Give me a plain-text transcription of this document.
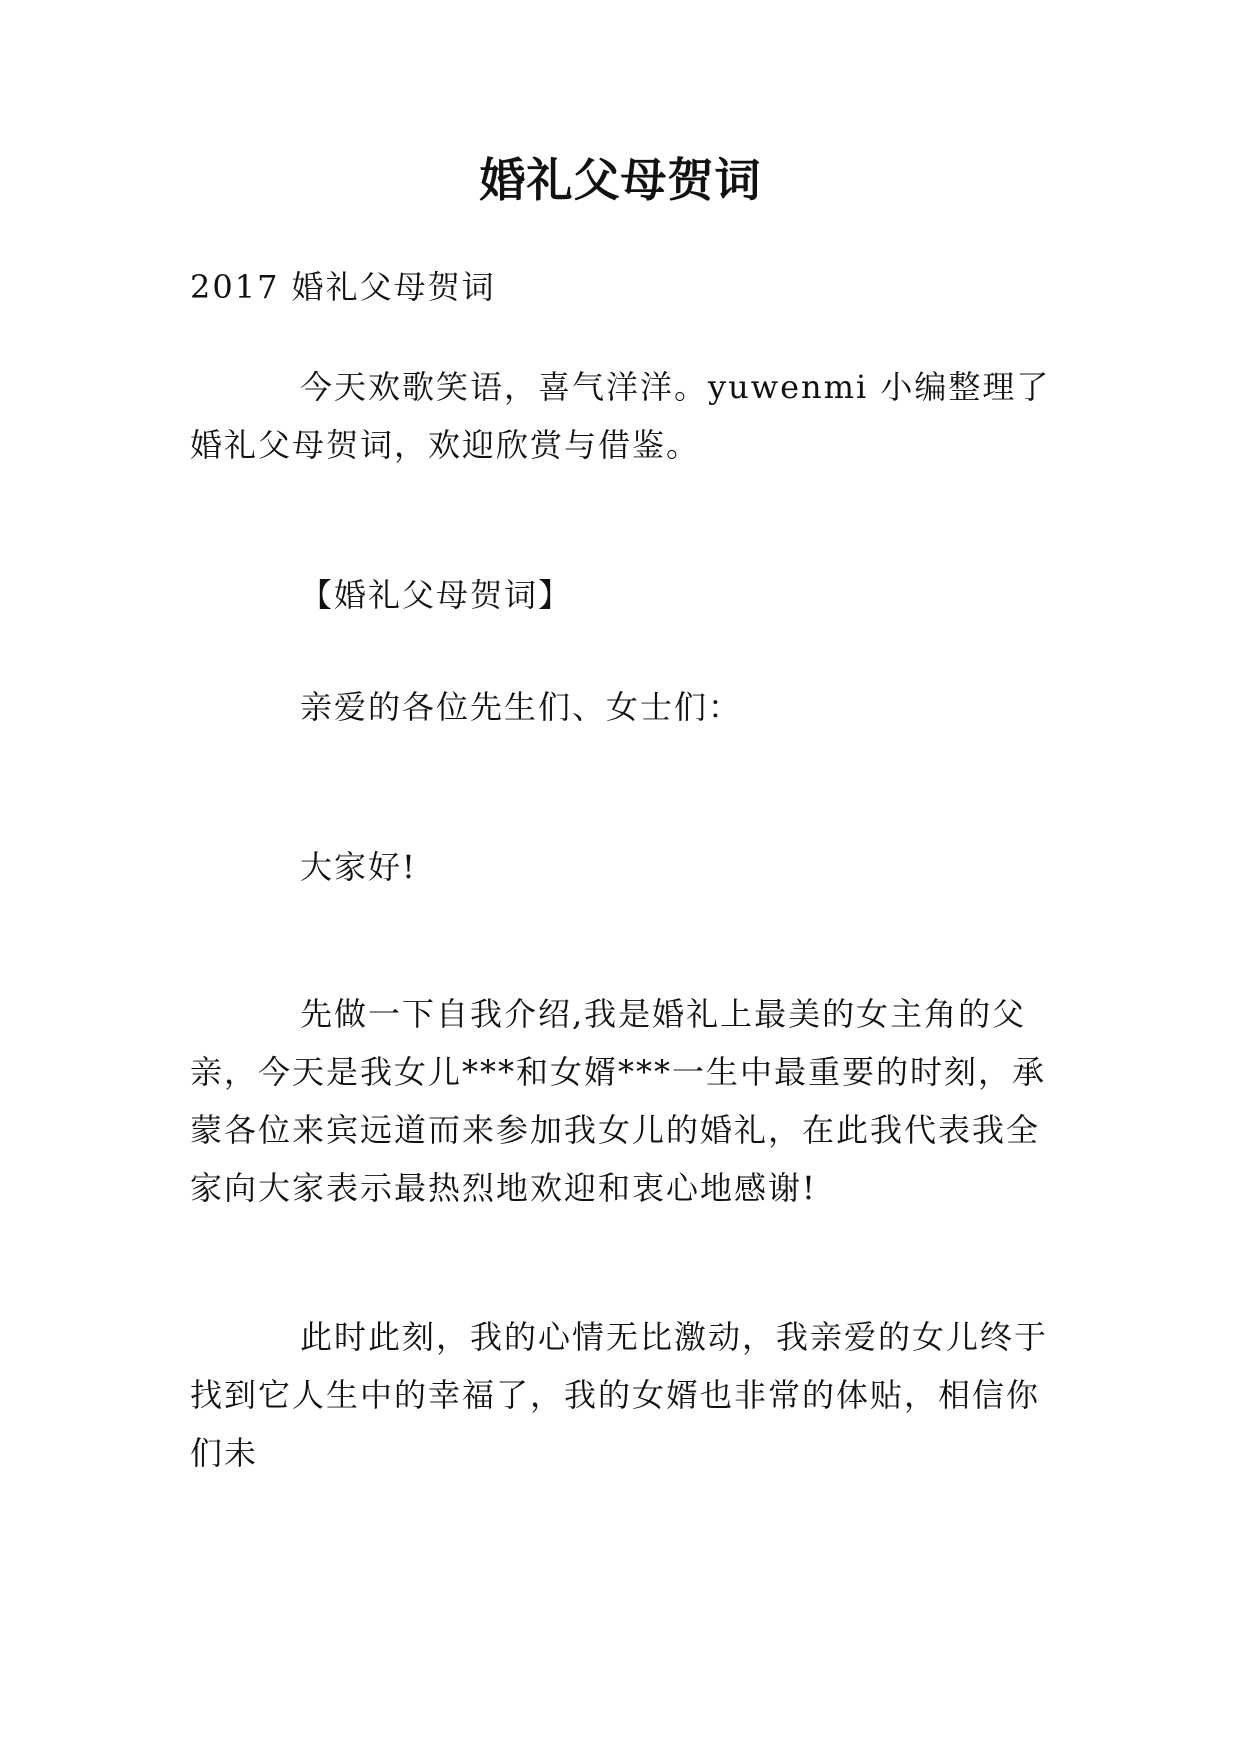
婚礼父母贺词

2017 婚礼父母贺词

今天欢歌笑语，喜气洋洋。yuwenmi 小编整理了婚礼父母贺词，欢迎欣赏与借鉴。

【婚礼父母贺词】

亲爱的各位先生们、女士们：

大家好!

先做一下自我介绍,我是婚礼上最美的女主角的父亲，今天是我女儿***和女婿***一生中最重要的时刻，承蒙各位来宾远道而来参加我女儿的婚礼，在此我代表我全家向大家表示最热烈地欢迎和衷心地感谢!

此时此刻，我的心情无比激动，我亲爱的女儿终于找到它人生中的幸福了，我的女婿也非常的体贴，相信你们未
